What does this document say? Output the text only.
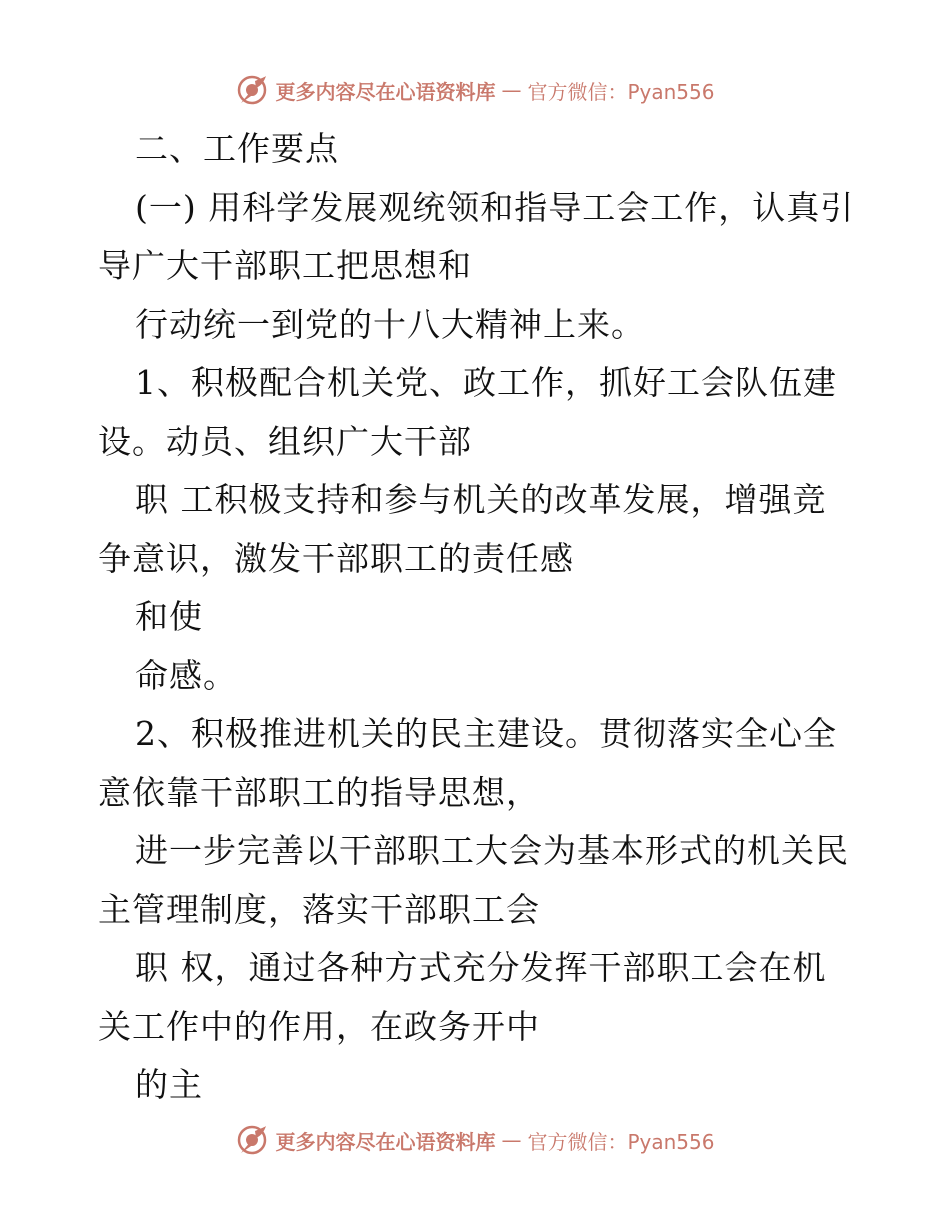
更多内容尽在心语资料库 — 官方微信：Pyan556
二、工作要点
(一) 用科学发展观统领和指导工会工作，认真引
导广大干部职工把思想和
行动统一到党的十八大精神上来。
1、积极配合机关党、政工作，抓好工会队伍建
设。动员、组织广大干部
职 工积极支持和参与机关的改革发展，增强竞
争意识，激发干部职工的责任感
和使
命感。
2、积极推进机关的民主建设。贯彻落实全心全
意依靠干部职工的指导思想，
进一步完善以干部职工大会为基本形式的机关民
主管理制度，落实干部职工会
职 权，通过各种方式充分发挥干部职工会在机
关工作中的作用，在政务开中
的主
更多内容尽在心语资料库 — 官方微信：Pyan556
